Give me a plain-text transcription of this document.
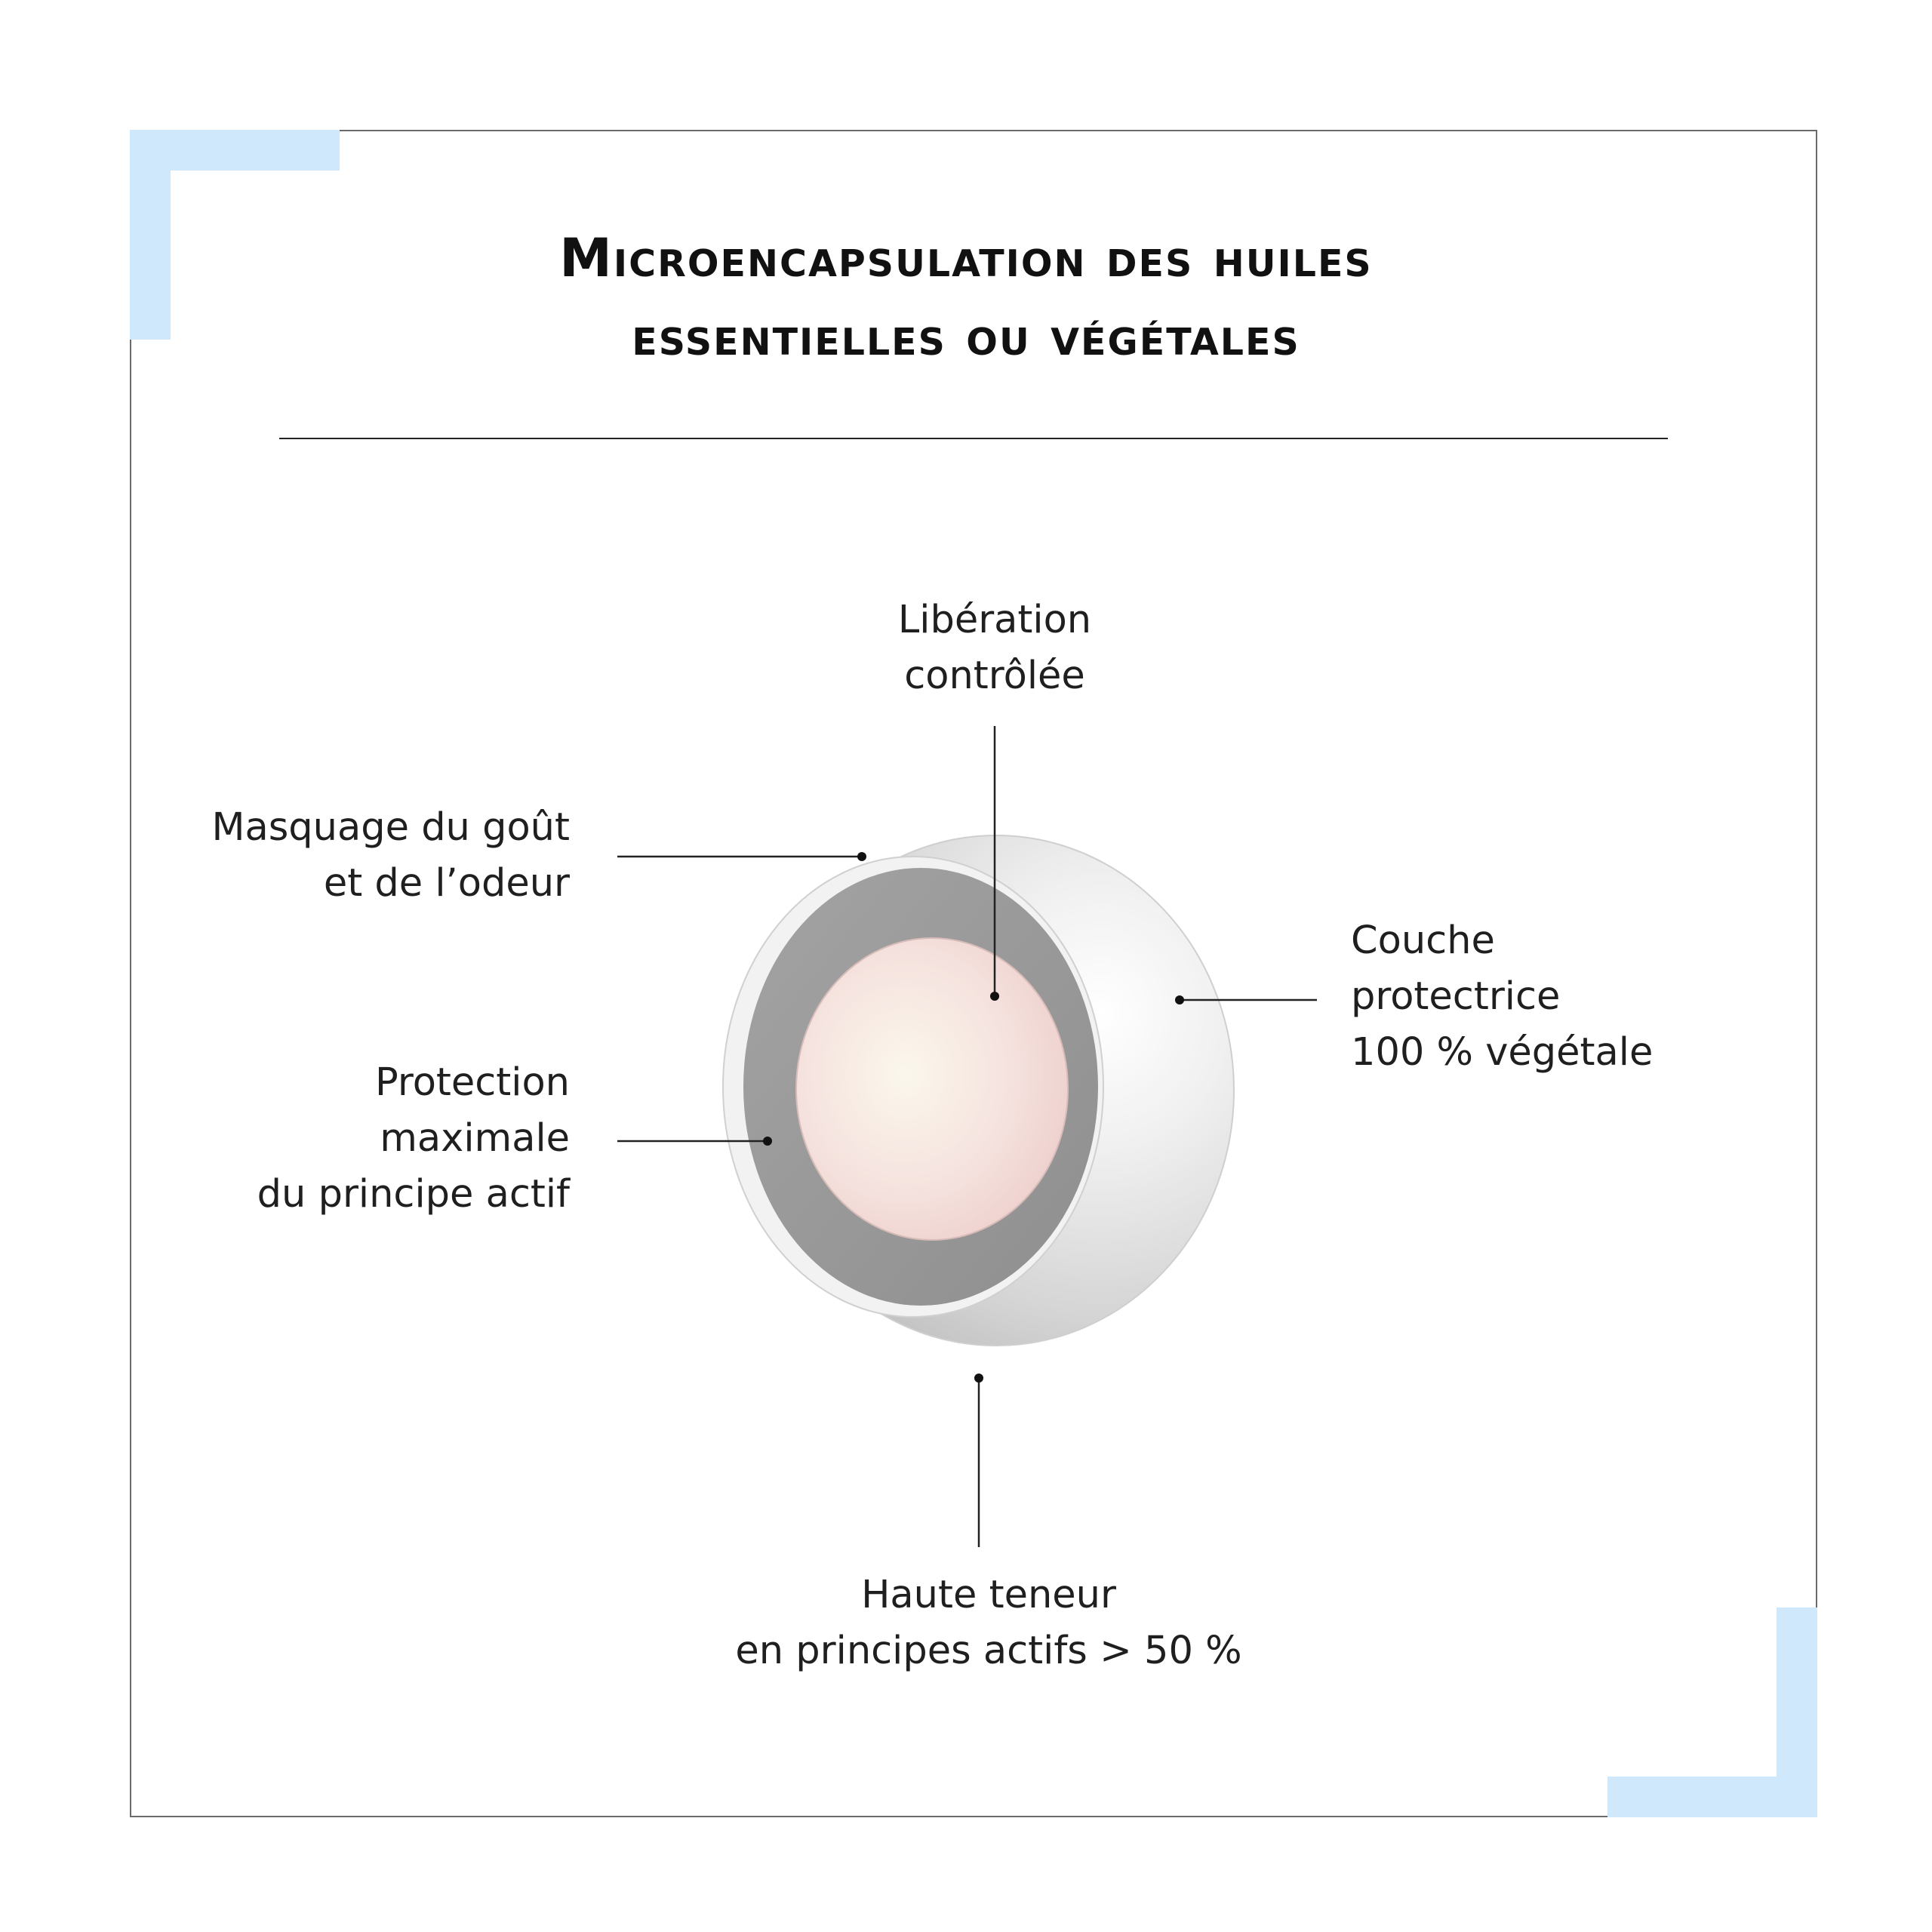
Microencapsulation des huiles
essentielles ou végétales

Libération
contrôlée

Masquage du goût
et de l’odeur

Protection
maximale
du principe actif

Couche
protectrice
100 % végétale

Haute teneur
en principes actifs > 50 %
